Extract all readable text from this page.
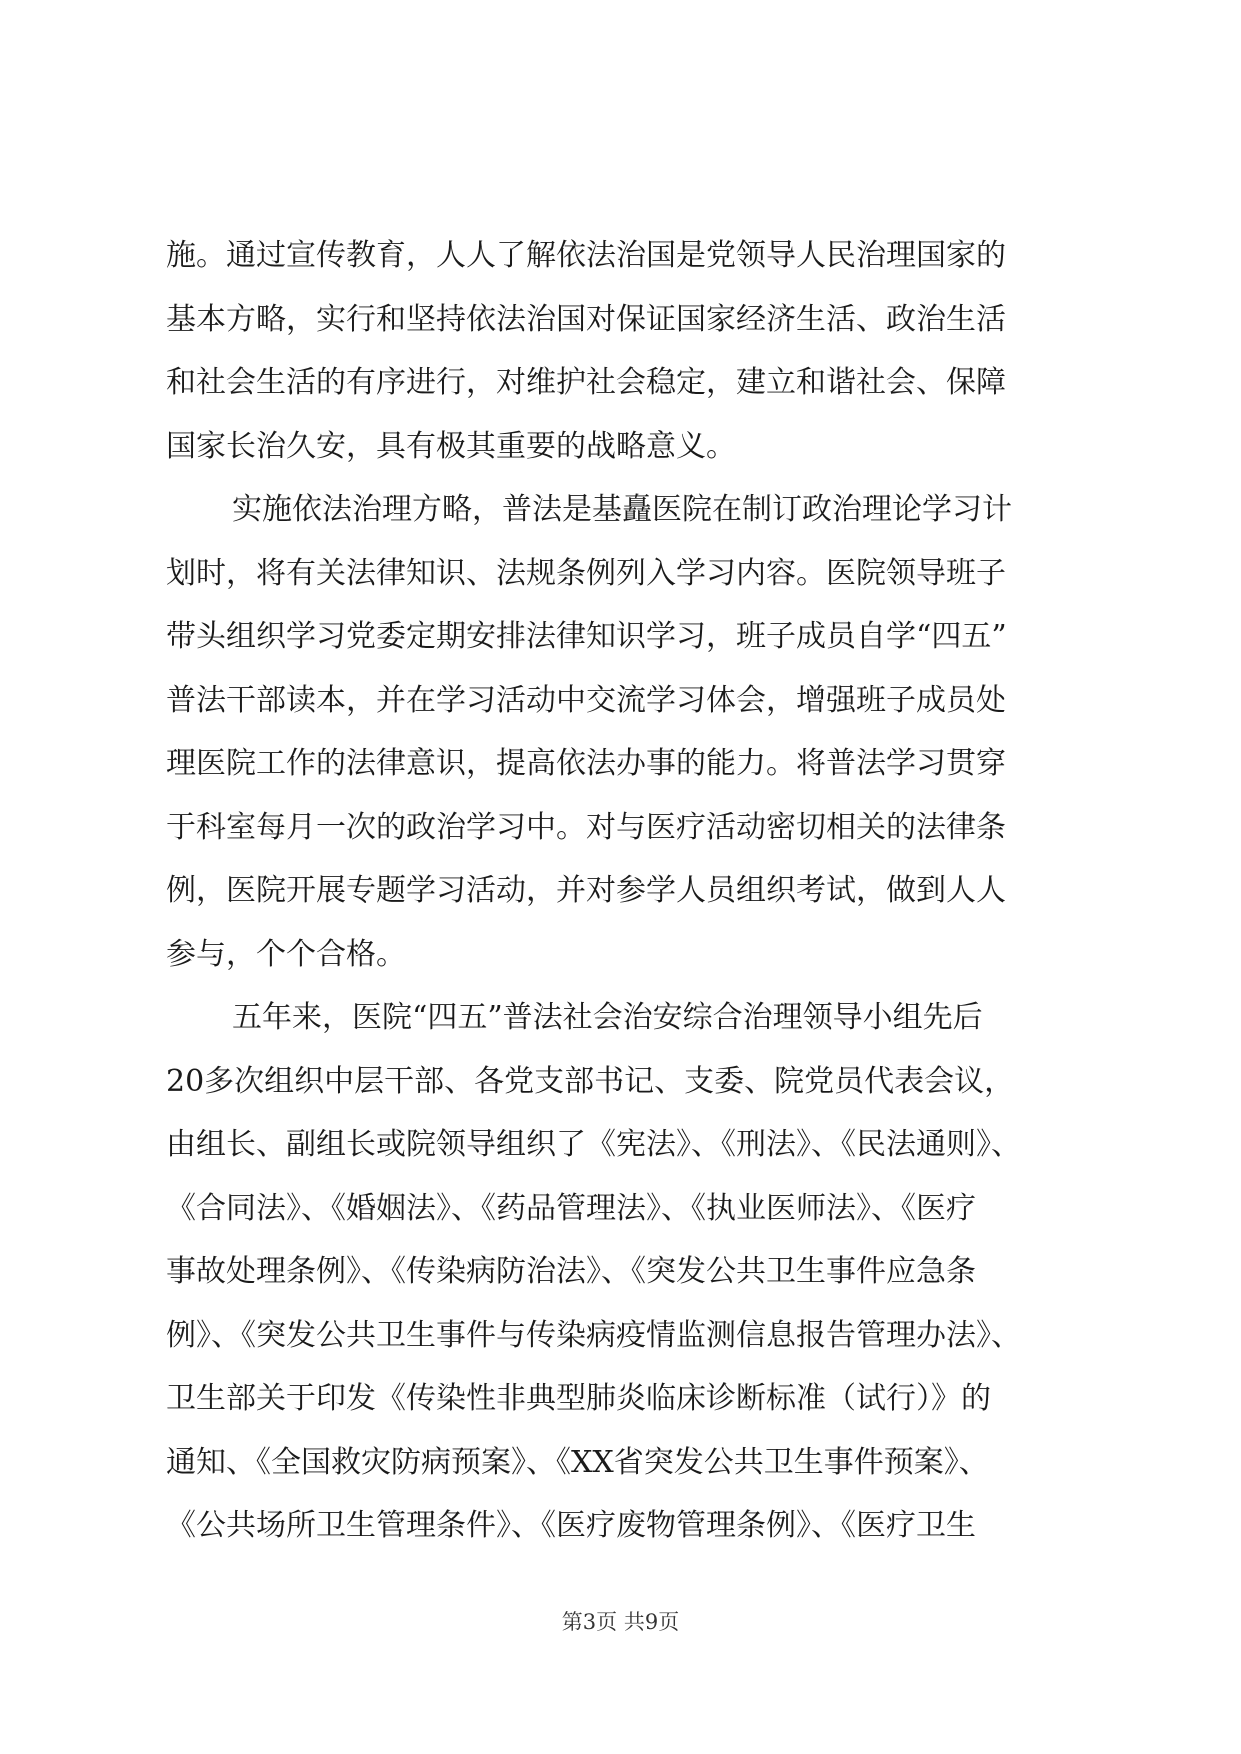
施。通过宣传教育，人人了解依法治国是党领导人民治理国家的
基本方略，实行和坚持依法治国对保证国家经济生活、政治生活
和社会生活的有序进行，对维护社会稳定，建立和谐社会、保障
国家长治久安，具有极其重要的战略意义。
实施依法治理方略，普法是基矗医院在制订政治理论学习计
划时，将有关法律知识、法规条例列入学习内容。医院领导班子
带头组织学习党委定期安排法律知识学习，班子成员自学“四五”
普法干部读本，并在学习活动中交流学习体会，增强班子成员处
理医院工作的法律意识，提高依法办事的能力。将普法学习贯穿
于科室每月一次的政治学习中。对与医疗活动密切相关的法律条
例，医院开展专题学习活动，并对参学人员组织考试，做到人人
参与，个个合格。
五年来，医院“四五”普法社会治安综合治理领导小组先后
20多次组织中层干部、各党支部书记、支委、院党员代表会议，
由组长、副组长或院领导组织了《宪法》、《刑法》、《民法通则》、
《合同法》、《婚姻法》、《药品管理法》、《执业医师法》、《医疗
事故处理条例》、《传染病防治法》、《突发公共卫生事件应急条
例》、《突发公共卫生事件与传染病疫情监测信息报告管理办法》、
卫生部关于印发《传染性非典型肺炎临床诊断标准（试行）》的
通知、《全国救灾防病预案》、《XX省突发公共卫生事件预案》、
《公共场所卫生管理条件》、《医疗废物管理条例》、《医疗卫生
第3页 共9页
